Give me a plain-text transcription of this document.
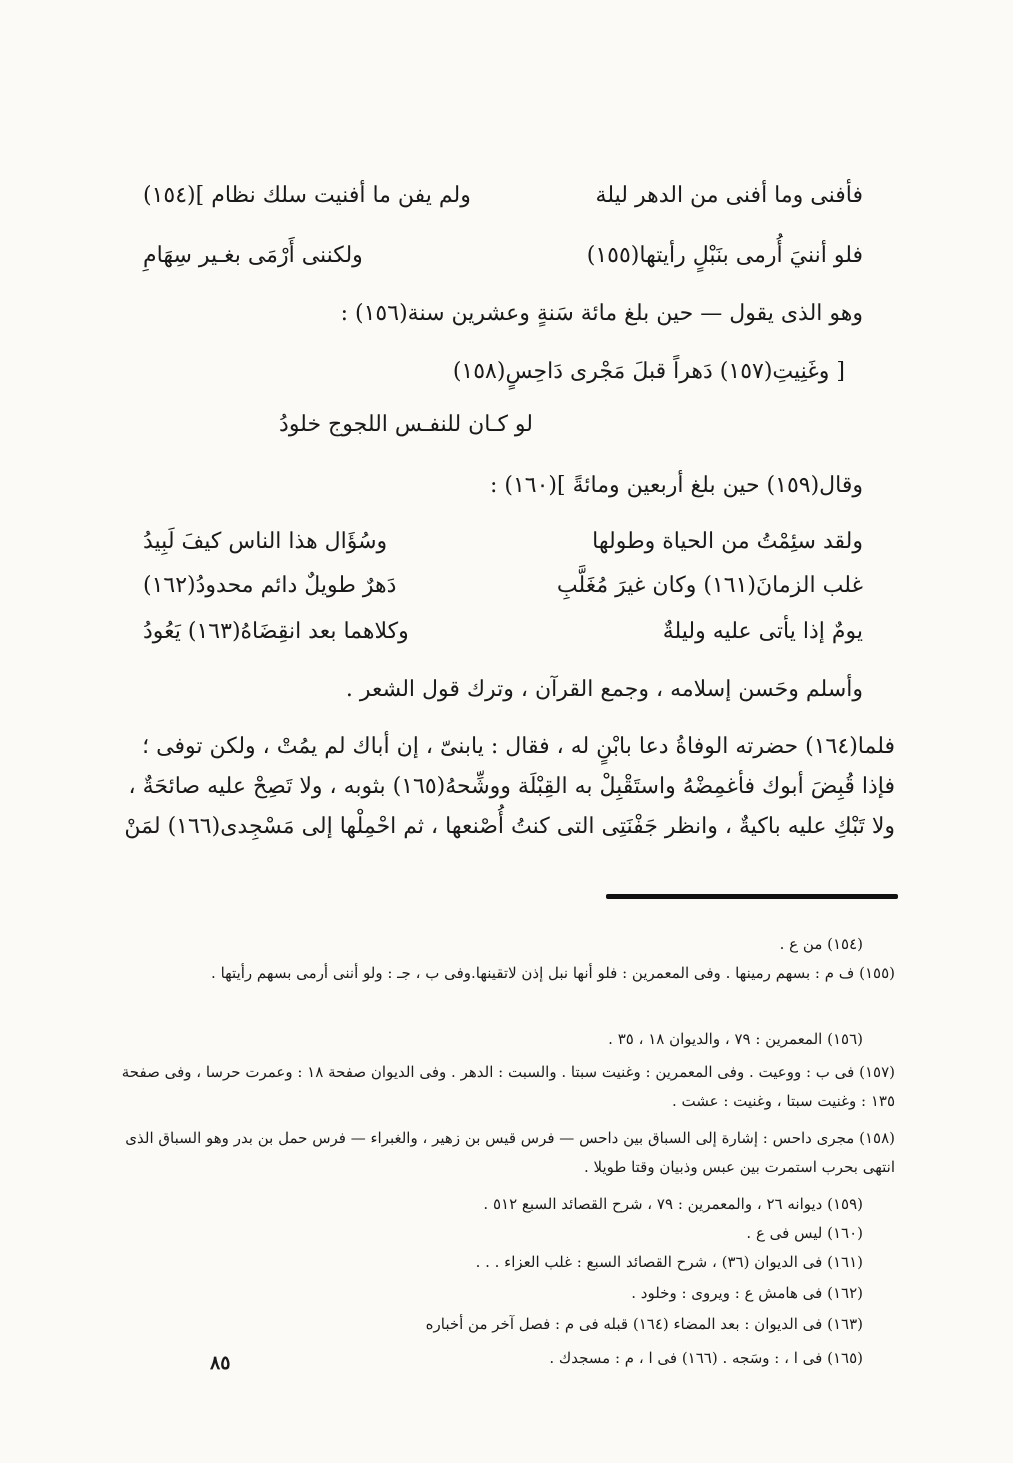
فأفنى وما أفنى من الدهر ليلة
ولم يفن ما أفنيت سلك نظام ](١٥٤)
فلو أننيَ أُرمى بنَبْلٍ رأيتها(١٥٥)
ولكننى أَرْمَى بغـير سِهَامِ
وهو الذى يقول — حين بلغ مائة سَنةٍ وعشرين سنة(١٥٦) :
[ وغَنِيتِ(١٥٧) دَهراً قبلَ مَجْرى دَاحِسٍ(١٥٨)
لو كـان للنفـس اللجوج خلودُ
وقال(١٥٩) حين بلغ أربعين ومائةً ](١٦٠) :
ولقد سئِمْتُ من الحياة وطولها
وسُؤَال هذا الناس كيفَ لَبِيدُ
غلب الزمانَ(١٦١) وكان غيرَ مُغَلَّبِ
دَهرٌ طويلٌ دائم محدودُ(١٦٢)
يومٌ إذا يأتى عليه وليلةٌ
وكلاهما بعد انقِضَاهُ(١٦٣) يَعُودُ
وأسلم وحَسن إسلامه ، وجمع القرآن ، وترك قول الشعر .
فلما(١٦٤) حضرته الوفاةُ دعا بابْنٍ له ، فقال : يابنىّ ، إن أباك لم يمُتْ ، ولكن توفى ؛ فإذا قُبِضَ أبوك فأغمِضْهُ واستَقْبِلْ به القِبْلَة ووشِّحهُ(١٦٥) بثوبه ، ولا تَصِحْ عليه صائحَةٌ ، ولا تَبْكِ عليه باكيةٌ ، وانظر جَفْنَتِى التى كنتُ أُصْنعها ، ثم احْمِلْها إلى مَسْجِدى(١٦٦) لمَنْ
(١٥٤) من ع .
(١٥٥) ف م : بسهم رمينها . وفى المعمرين : فلو أنها نبل إذن لاتقينها.وفى ب ، جـ : ولو أننى أرمى بسهم رأيتها .
(١٥٦) المعمرين : ٧٩ ، والديوان ١٨ ، ٣٥ .
(١٥٧) فى ب : ووعيت . وفى المعمرين : وغنيت سبتا . والسبت : الدهر . وفى الديوان صفحة ١٨ : وعمرت حرسا ، وفى صفحة ١٣٥ : وغنيت سبتا ، وغنيت : عشت .
(١٥٨) مجرى داحس : إشارة إلى السباق بين داحس — فرس قيس بن زهير ، والغبراء — فرس حمل بن بدر وهو السباق الذى انتهى بحرب استمرت بين عبس وذبيان وقتا طويلا .
(١٥٩) ديوانه ٢٦ ، والمعمرين : ٧٩ ، شرح القصائد السبع ٥١٢ .
(١٦٠) ليس فى ع .
(١٦١) فى الديوان (٣٦) ، شرح القصائد السبع : غلب العزاء . . .
(١٦٢) فى هامش ع : ويروى : وخلود .
(١٦٣) فى الديوان : بعد المضاء (١٦٤) قبله فى م : فصل آخر من أخباره
(١٦٥) فى ا ، : وسَجه . (١٦٦) فى ا ، م : مسجدك .
٨٥
